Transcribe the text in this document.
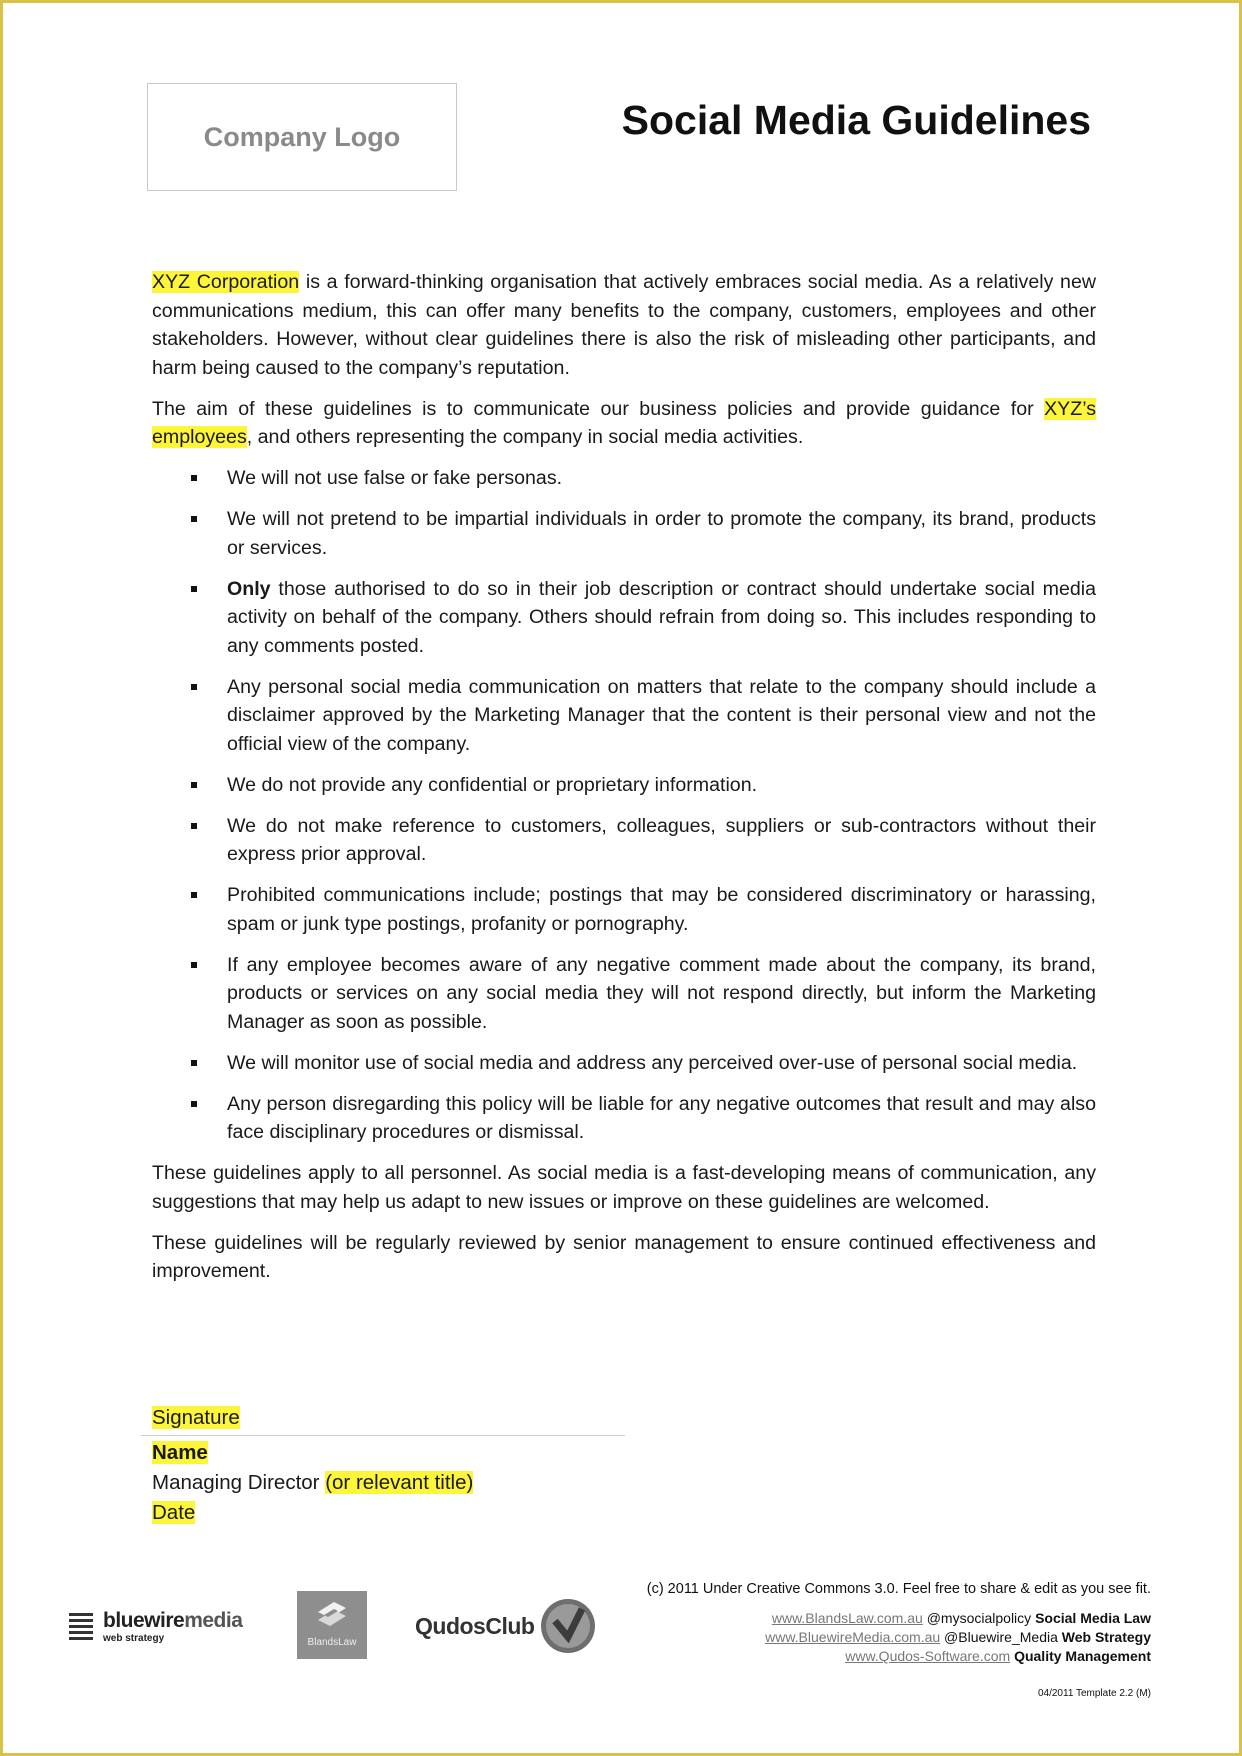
Company Logo	Social Media Guidelines

XYZ Corporation is a forward-thinking organisation that actively embraces social media. As a relatively new communications medium, this can offer many benefits to the company, customers, employees and other stakeholders. However, without clear guidelines there is also the risk of misleading other participants, and harm being caused to the company’s reputation.

The aim of these guidelines is to communicate our business policies and provide guidance for XYZ’s employees, and others representing the company in social media activities.

We will not use false or fake personas.
We will not pretend to be impartial individuals in order to promote the company, its brand, products or services.
Only those authorised to do so in their job description or contract should undertake social media activity on behalf of the company. Others should refrain from doing so. This includes responding to any comments posted.
Any personal social media communication on matters that relate to the company should include a disclaimer approved by the Marketing Manager that the content is their personal view and not the official view of the company.
We do not provide any confidential or proprietary information.
We do not make reference to customers, colleagues, suppliers or sub-contractors without their express prior approval.
Prohibited communications include; postings that may be considered discriminatory or harassing, spam or junk type postings, profanity or pornography.
If any employee becomes aware of any negative comment made about the company, its brand, products or services on any social media they will not respond directly, but inform the Marketing Manager as soon as possible.
We will monitor use of social media and address any perceived over-use of personal social media.
Any person disregarding this policy will be liable for any negative outcomes that result and may also face disciplinary procedures or dismissal.

These guidelines apply to all personnel. As social media is a fast-developing means of communication, any suggestions that may help us adapt to new issues or improve on these guidelines are welcomed.

These guidelines will be regularly reviewed by senior management to ensure continued effectiveness and improvement.

Signature
Name
Managing Director (or relevant title)
Date
bluewiremedia
web strategy	BlandsLaw
QudosClub
(c) 2011 Under Creative Commons 3.0. Feel free to share & edit as you see fit.
www.BlandsLaw.com.au @mysocialpolicy Social Media Law
www.BluewireMedia.com.au @Bluewire_Media Web Strategy
www.Qudos-Software.com Quality Management
04/2011 Template 2.2 (M)
